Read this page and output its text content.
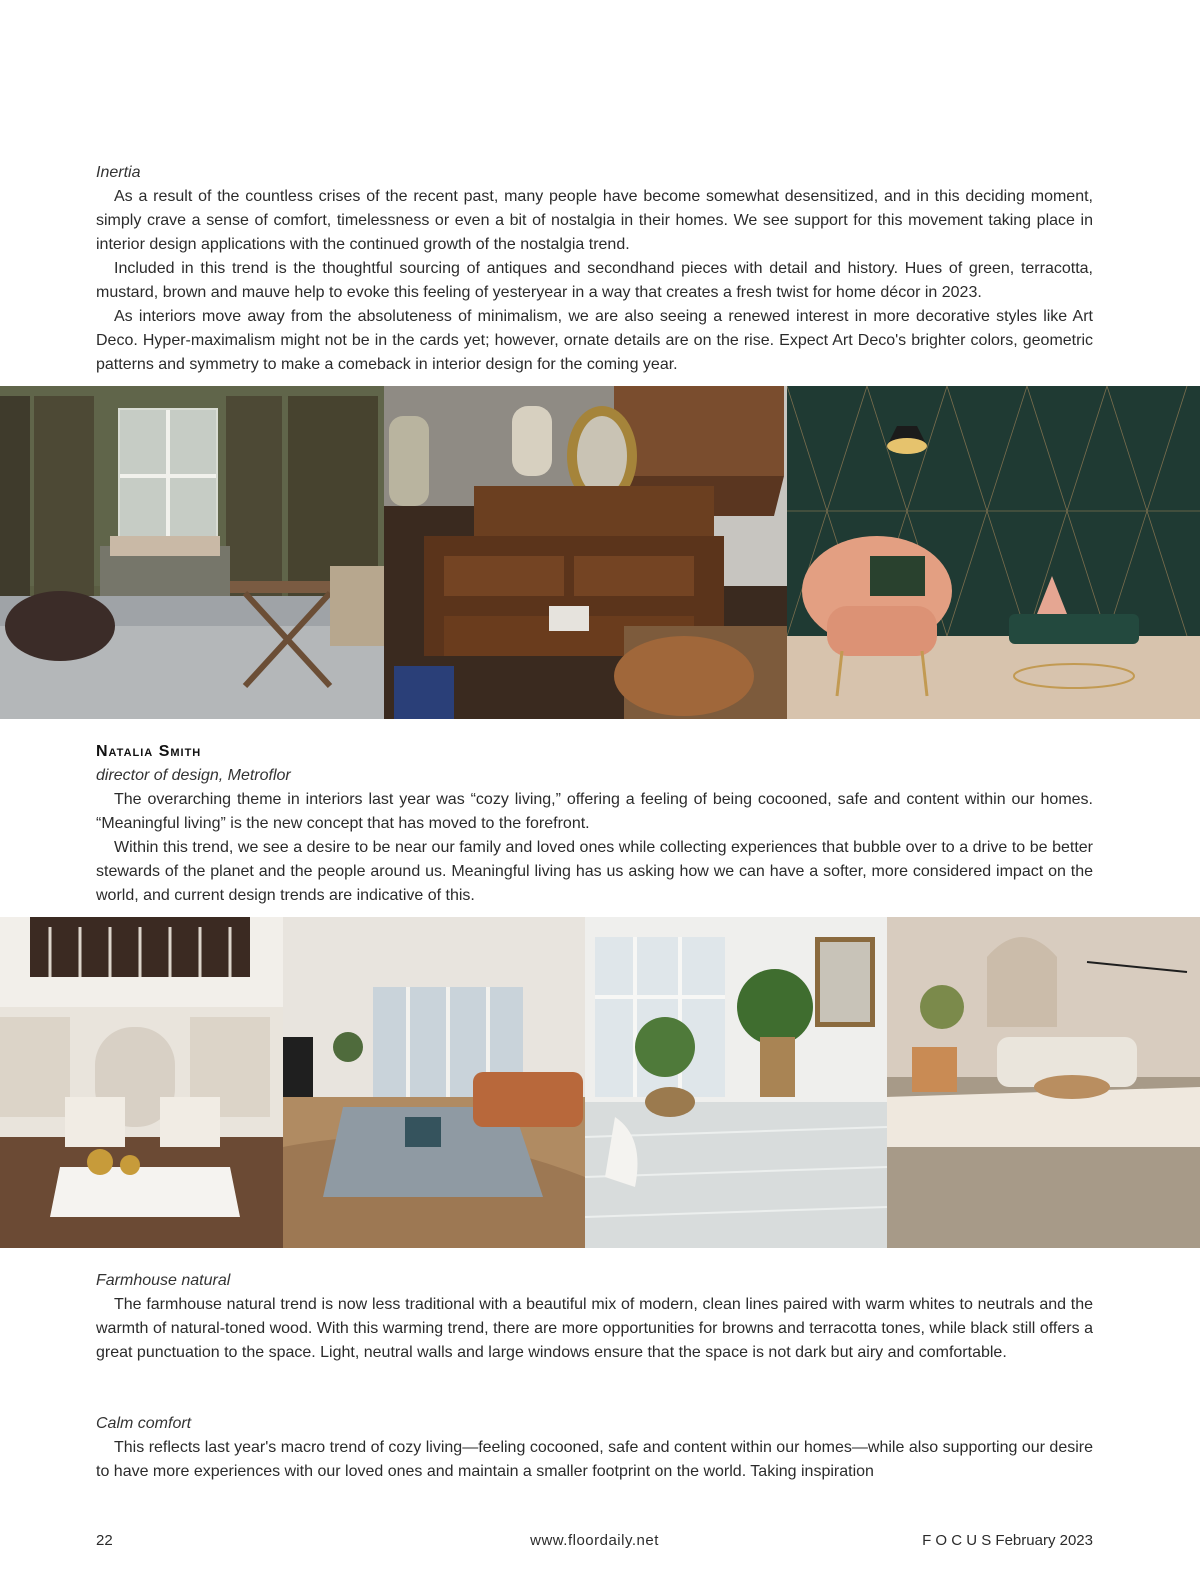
Inertia

As a result of the countless crises of the recent past, many people have become somewhat desensitized, and in this deciding moment, simply crave a sense of comfort, timelessness or even a bit of nostalgia in their homes. We see support for this movement taking place in interior design applications with the continued growth of the nostalgia trend.

Included in this trend is the thoughtful sourcing of antiques and secondhand pieces with detail and history. Hues of green, terracotta, mustard, brown and mauve help to evoke this feeling of yesteryear in a way that creates a fresh twist for home décor in 2023.

As interiors move away from the absoluteness of minimalism, we are also seeing a renewed interest in more decorative styles like Art Deco. Hyper-maximalism might not be in the cards yet; however, ornate details are on the rise. Expect Art Deco's brighter colors, geometric patterns and symmetry to make a comeback in interior design for the coming year.

Natalia Smith

director of design, Metroflor

The overarching theme in interiors last year was “cozy living,” offering a feeling of being cocooned, safe and content within our homes. “Meaningful living” is the new concept that has moved to the forefront.

Within this trend, we see a desire to be near our family and loved ones while collecting experiences that bubble over to a drive to be better stewards of the planet and the people around us. Meaningful living has us asking how we can have a softer, more considered impact on the world, and current design trends are indicative of this.

Farmhouse natural

The farmhouse natural trend is now less traditional with a beautiful mix of modern, clean lines paired with warm whites to neutrals and the warmth of natural-toned wood. With this warming trend, there are more opportunities for browns and terracotta tones, while black still offers a great punctuation to the space. Light, neutral walls and large windows ensure that the space is not dark but airy and comfortable.

Calm comfort

This reflects last year's macro trend of cozy living—feeling cocooned, safe and content within our homes—while also supporting our desire to have more experiences with our loved ones and maintain a smaller footprint on the world. Taking inspiration

22	www.floordaily.net	F O C U S February 2023
